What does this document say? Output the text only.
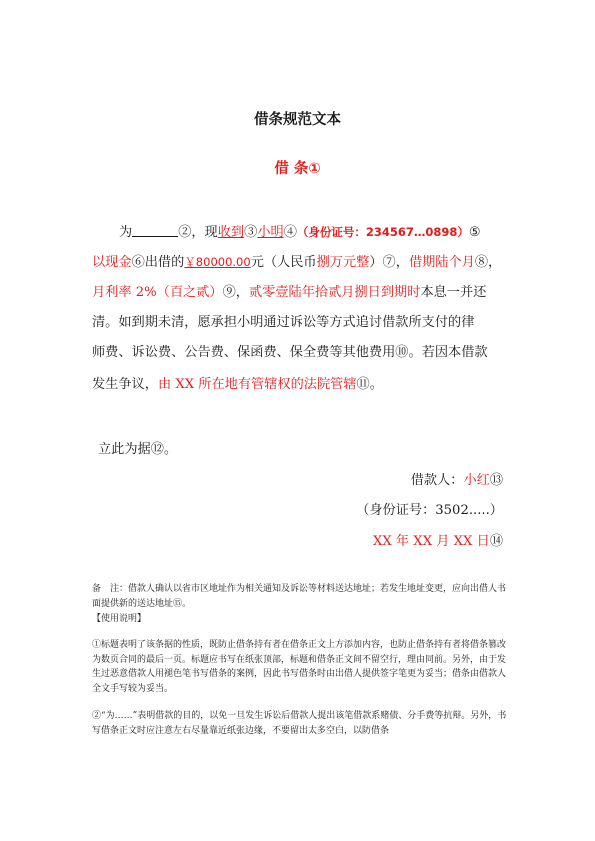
借条规范文本
借 条①
为	②，现收到③小明④（身份证号：234567…0898）⑤
以现金⑥出借的￥80000.00元（人民币捌万元整）⑦，借期陆个月⑧，
月利率 2%（百之贰）⑨，贰零壹陆年拾贰月捌日到期时本息一并还
清。如到期未清，愿承担小明通过诉讼等方式追讨借款所支付的律
师费、诉讼费、公告费、保函费、保全费等其他费用⑩。若因本借款
发生争议，由 XX 所在地有管辖权的法院管辖⑪。
立此为据⑫。
借款人：小红⑬
（身份证号：3502.....）
XX 年 XX 月 XX 日⑭
备　注：借款人确认以省市区地址作为相关通知及诉讼等材料送达地址；若发生地址变更，应向出借人书面提供新的送达地址⑮。
【使用说明】
①标题表明了该条据的性质，既防止借条持有者在借条正文上方添加内容，也防止借条持有者将借条篡改为数页合同的最后一页。标题应书写在纸张顶部，标题和借条正文间不留空行，理由同前。另外，由于发生过恶意借款人用褪色笔书写借条的案例，因此书写借条时由出借人提供签字笔更为妥当；借条由借款人全文手写较为妥当。
②“为……”表明借款的目的，以免一旦发生诉讼后借款人提出该笔借款系赌债、分手费等抗辩。另外，书写借条正文时应注意左右尽量靠近纸张边缘，不要留出太多空白，以防借条
